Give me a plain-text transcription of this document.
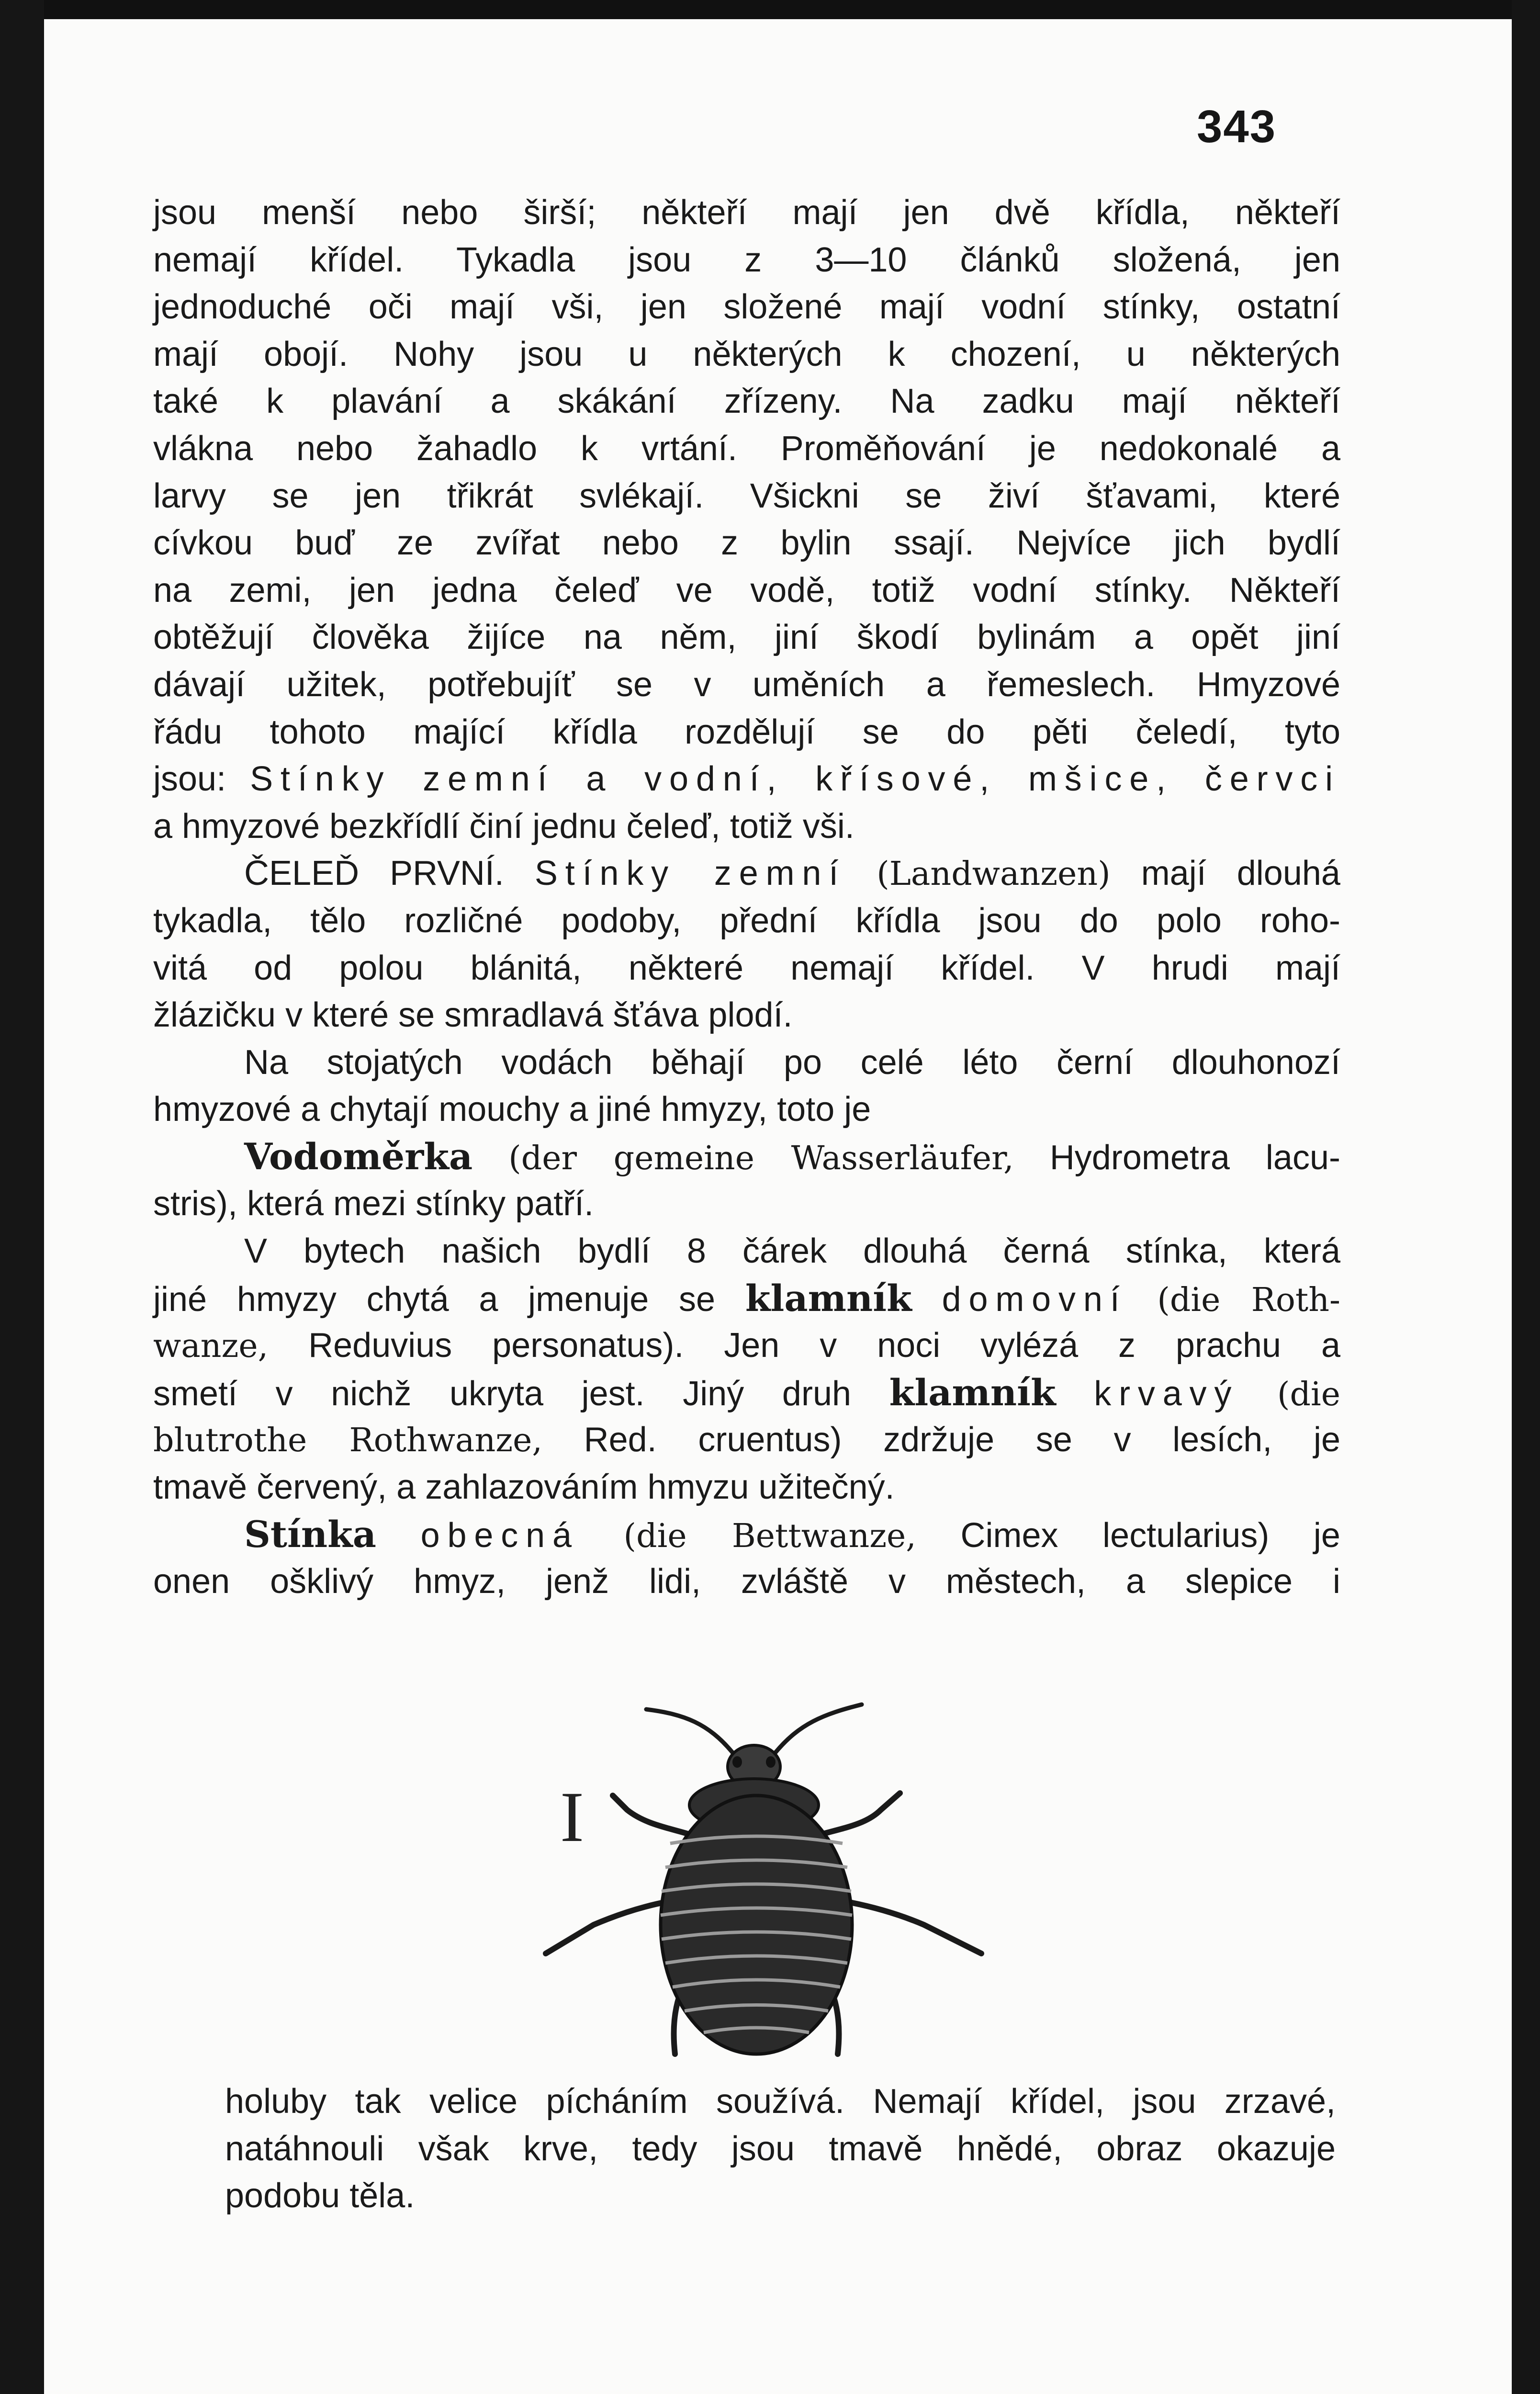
343
jsou menší nebo širší; někteří mají jen dvě křídla, někteří
nemají křídel. Tykadla jsou z 3—10 článků složená, jen
jednoduché oči mají vši, jen složené mají vodní stínky, ostatní
mají obojí. Nohy jsou u některých k chození, u některých
také k plavání a skákání zřízeny. Na zadku mají někteří
vlákna nebo žahadlo k vrtání. Proměňování je nedokonalé a
larvy se jen třikrát svlékají. Všickni se živí šťavami, které
cívkou buď ze zvířat nebo z bylin ssají. Nejvíce jich bydlí
na zemi, jen jedna čeleď ve vodě, totiž vodní stínky. Někteří
obtěžují člověka žijíce na něm, jiní škodí bylinám a opět jiní
dávají užitek, potřebujíť se v uměních a řemeslech. Hmyzové
řádu tohoto mající křídla rozdělují se do pěti čeledí, tyto
jsou: Stínky zemní a vodní, křísové, mšice, červci
a hmyzové bezkřídlí činí jednu čeleď, totiž vši.
ČELEĎ PRVNÍ. Stínky zemní (Landwanzen) mají dlouhá
tykadla, tělo rozličné podoby, přední křídla jsou do polo roho-
vitá od polou blánitá, některé nemají křídel. V hrudi mají
žlázičku v které se smradlavá šťáva plodí.
Na stojatých vodách běhají po celé léto černí dlouhonozí
hmyzové a chytají mouchy a jiné hmyzy, toto je
Vodoměrka (der gemeine Wasserläufer, Hydrometra lacu-
stris), která mezi stínky patří.
V bytech našich bydlí 8 čárek dlouhá černá stínka, která
jiné hmyzy chytá a jmenuje se klamník domovní (die Roth-
wanze, Reduvius personatus). Jen v noci vylézá z prachu a
smetí v nichž ukryta jest. Jiný druh klamník krvavý (die
blutrothe Rothwanze, Red. cruentus) zdržuje se v lesích, je
tmavě červený, a zahlazováním hmyzu užitečný.
Stínka obecná (die Bettwanze, Cimex lectularius) je
onen ošklivý hmyz, jenž lidi, zvláště v městech, a slepice i
I
holuby tak velice pícháním soužívá. Nemají křídel, jsou zrzavé,
natáhnouli však krve, tedy jsou tmavě hnědé, obraz okazuje
podobu těla.
